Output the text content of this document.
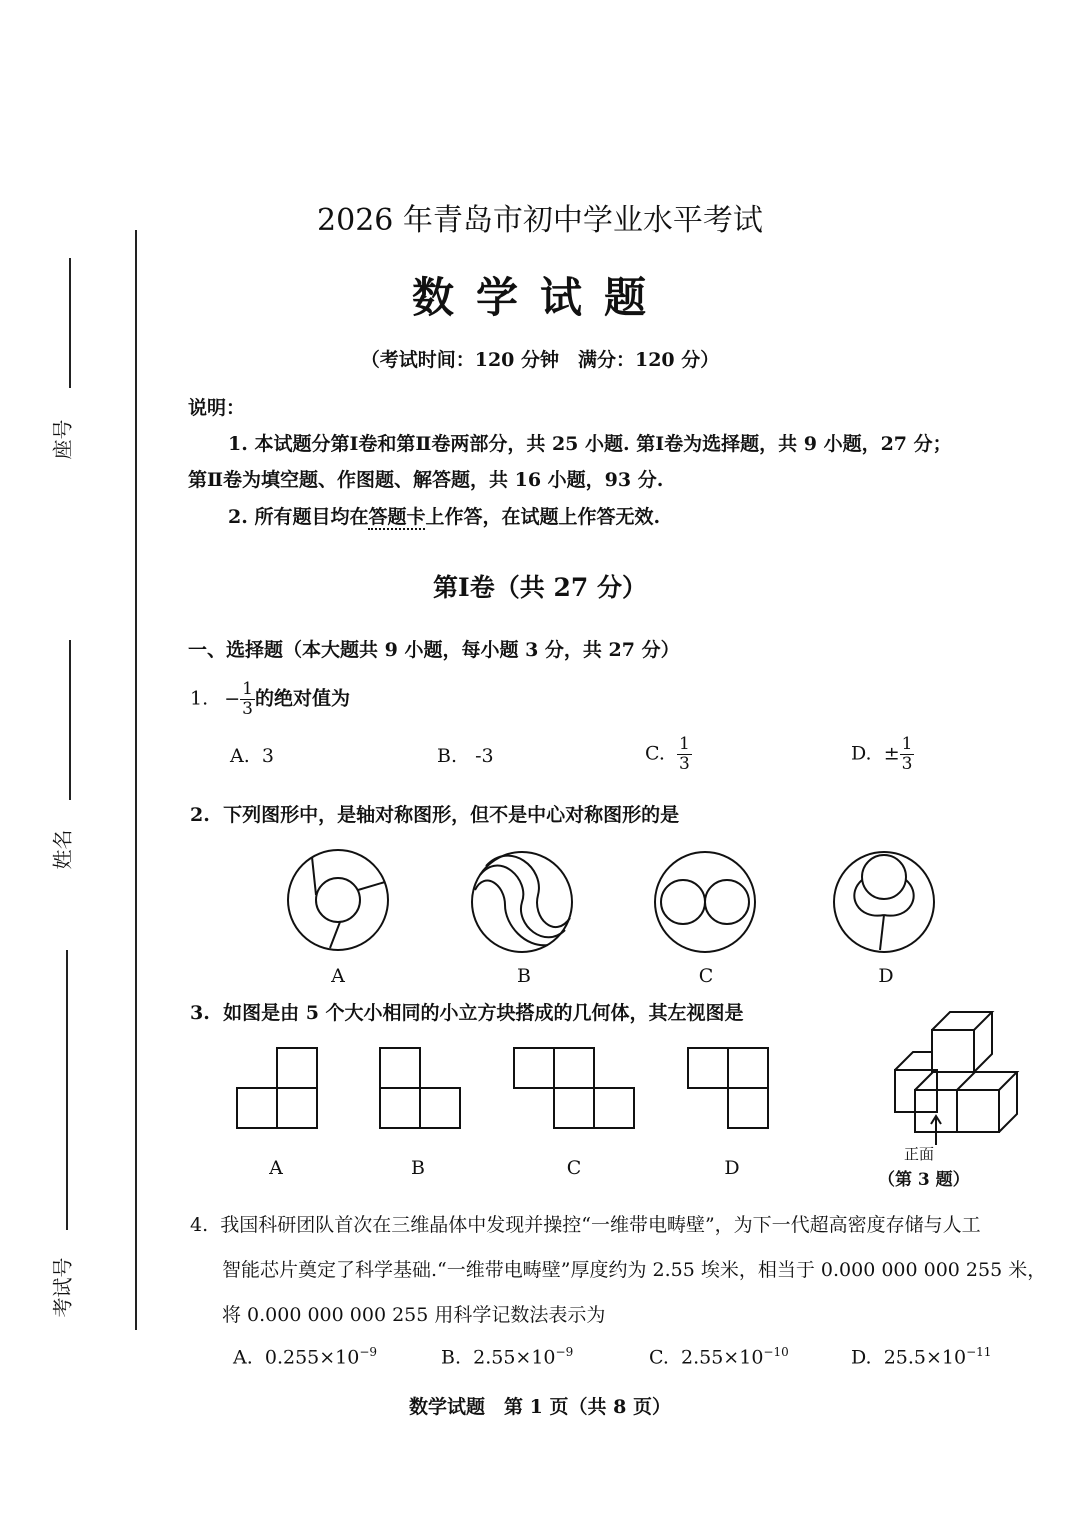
座号
姓名
考试号
2026 年青岛市初中学业水平考试
数学试题
（考试时间：120 分钟　满分：120 分）
说明：
1. 本试题分第Ⅰ卷和第Ⅱ卷两部分，共 25 小题. 第Ⅰ卷为选择题，共 9 小题，27 分；
第Ⅱ卷为填空题、作图题、解答题，共 16 小题，93 分.
2. 所有题目均在答题卡上作答，在试题上作答无效.
第Ⅰ卷（共 27 分）
一、选择题（本大题共 9 小题，每小题 3 分，共 27 分）
1. − $\frac{1}{3}$ 的绝对值为
A. 3	B. -3	C. $\frac{1}{3}$	D. ± $\frac{1}{3}$
2. 下列图形中，是轴对称图形，但不是中心对称图形的是
A	B	C	D
3. 如图是由 5 个大小相同的小立方块搭成的几何体，其左视图是
A	B	C	D
正面
（第 3 题）
4. 我国科研团队首次在三维晶体中发现并操控“一维带电畴壁”，为下一代超高密度存储与人工
智能芯片奠定了科学基础.“一维带电畴壁”厚度约为 2.55 埃米，相当于 0.000 000 000 255 米，
将 0.000 000 000 255 用科学记数法表示为
A. $0.255\times 10^{-9}$	B. $2.55\times 10^{-9}$	C. $2.55\times 10^{-10}$	D. $25.5\times 10^{-11}$
数学试题　第 1 页（共 8 页）
